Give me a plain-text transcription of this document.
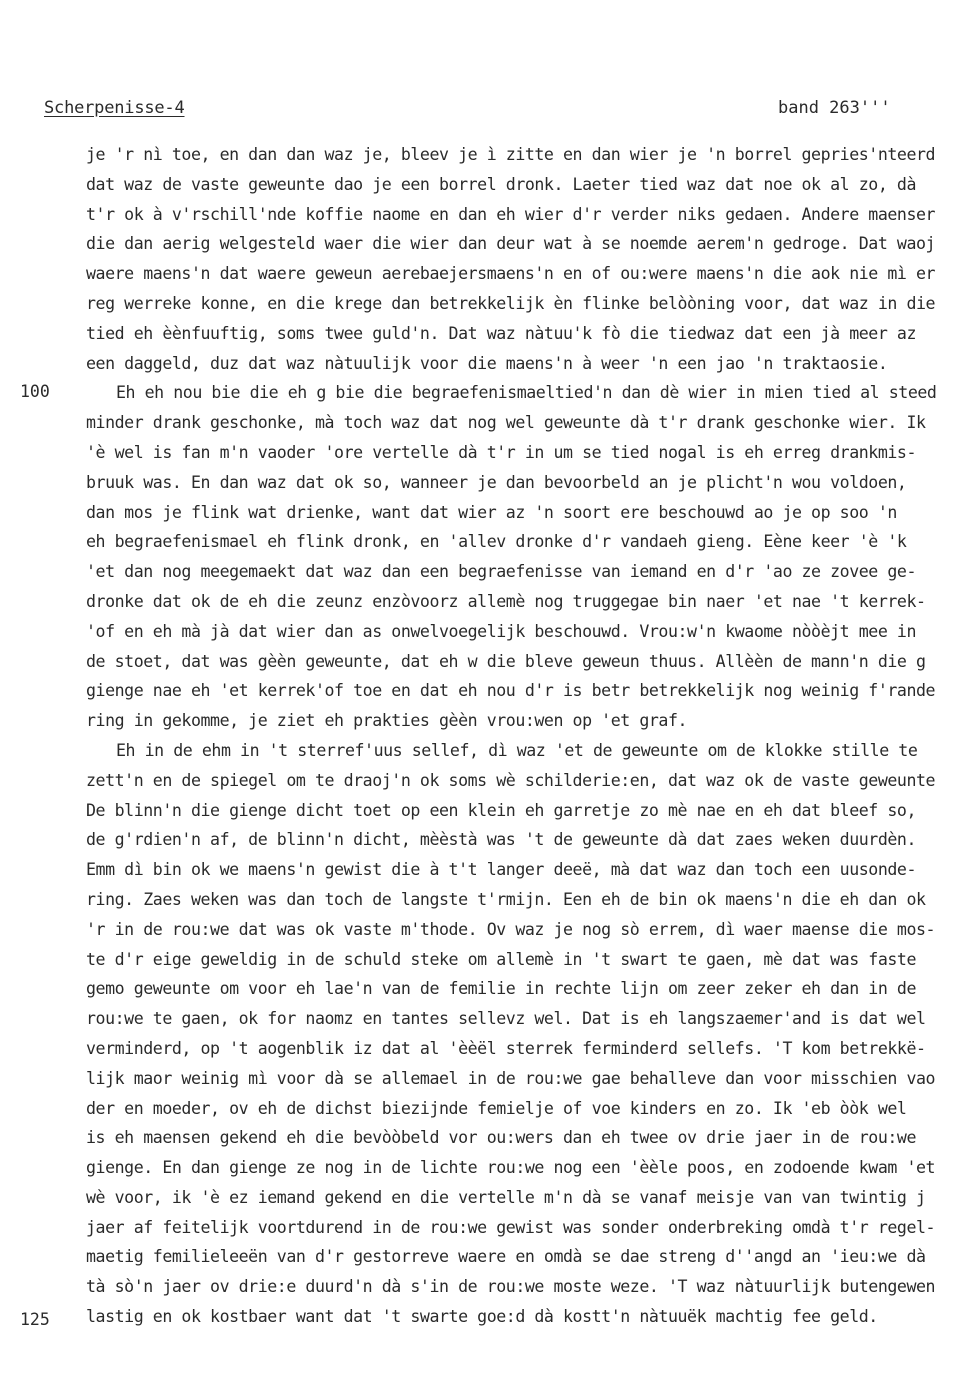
Scherpenisse-4	band 263'''
100
125
je 'r nì toe, en dan dan waz je, bleev je ì zitte en dan wier je 'n borrel gepries'nteerd
dat waz de vaste geweunte dao je een borrel dronk. Laeter tied waz dat noe ok al zo, dà
t'r ok à v'rschill'nde koffie naome en dan eh wier d'r verder niks gedaen. Andere maenser
die dan aerig welgesteld waer die wier dan deur wat à se noemde aerem'n gedroge. Dat waoj
waere maens'n dat waere geweun aerebaejersmaens'n en of ou:were maens'n die aok nie mì er
reg werreke konne, en die krege dan betrekkelijk èn flinke belòòning voor, dat waz in die
tied eh èènfuuftig, soms twee guld'n. Dat waz nàtuu'k fò die tiedwaz dat een jà meer az
een daggeld, duz dat waz nàtuulijk voor die maens'n à weer 'n een jao 'n traktaosie.
Eh eh nou bie die eh g bie die begraefenismaeltied'n dan dè wier in mien tied al steed
minder drank geschonke, mà toch waz dat nog wel geweunte dà t'r drank geschonke wier. Ik
'è wel is fan m'n vaoder 'ore vertelle dà t'r in um se tied nogal is eh erreg drankmis-
bruuk was. En dan waz dat ok so, wanneer je dan bevoorbeld an je plicht'n wou voldoen,
dan mos je flink wat drienke, want dat wier az 'n soort ere beschouwd ao je op soo 'n
eh begraefenismael eh flink dronk, en 'allev dronke d'r vandaeh gieng. Eène keer 'è 'k
'et dan nog meegemaekt dat waz dan een begraefenisse van iemand en d'r 'ao ze zovee ge-
dronke dat ok de eh die zeunz enzòvoorz allemè nog truggegae bin naer 'et nae 't kerrek-
'of en eh mà jà dat wier dan as onwelvoegelijk beschouwd. Vrou:w'n kwaome nòòèjt mee in
de stoet, dat was gèèn geweunte, dat eh w die bleve geweun thuus. Allèèn de mann'n die g
gienge nae eh 'et kerrek'of toe en dat eh nou d'r is betr betrekkelijk nog weinig f'rande
ring in gekomme, je ziet eh prakties gèèn vrou:wen op 'et graf.
Eh in de ehm in 't sterref'uus sellef, dì waz 'et de geweunte om de klokke stille te
zett'n en de spiegel om te draoj'n ok soms wè schilderie:en, dat waz ok de vaste geweunte
De blinn'n die gienge dicht toet op een klein eh garretje zo mè nae en eh dat bleef so,
de g'rdien'n af, de blinn'n dicht, mèèstà was 't de geweunte dà dat zaes weken duurdèn.
Emm dì bin ok we maens'n gewist die à t't langer deeë, mà dat waz dan toch een uusonde-
ring. Zaes weken was dan toch de langste t'rmijn. Een eh de bin ok maens'n die eh dan ok
'r in de rou:we dat was ok vaste m'thode. Ov waz je nog sò errem, dì waer maense die mos-
te d'r eige geweldig in de schuld steke om allemè in 't swart te gaen, mè dat was faste
gemo geweunte om voor eh lae'n van de femilie in rechte lijn om zeer zeker eh dan in de
rou:we te gaen, ok for naomz en tantes sellevz wel. Dat is eh langszaemer'and is dat wel
verminderd, op 't aogenblik iz dat al 'èèël sterrek ferminderd sellefs. 'T kom betrekkë-
lijk maor weinig mì voor dà se allemael in de rou:we gae behalleve dan voor misschien vao
der en moeder, ov eh de dichst biezijnde femielje of voe kinders en zo. Ik 'eb òòk wel
is eh maensen gekend eh die bevòòbeld vor ou:wers dan eh twee ov drie jaer in de rou:we
gienge. En dan gienge ze nog in de lichte rou:we nog een 'èèle poos, en zodoende kwam 'et
wè voor, ik 'è ez iemand gekend en die vertelle m'n dà se vanaf meisje van van twintig j
jaer af feitelijk voortdurend in de rou:we gewist was sonder onderbreking omdà t'r regel-
maetig femilieleeën van d'r gestorreve waere en omdà se dae streng d''angd an 'ieu:we dà
tà sò'n jaer ov drie:e duurd'n dà s'in de rou:we moste weze. 'T waz nàtuurlijk butengewen
lastig en ok kostbaer want dat 't swarte goe:d dà kostt'n nàtuuëk machtig fee geld.
